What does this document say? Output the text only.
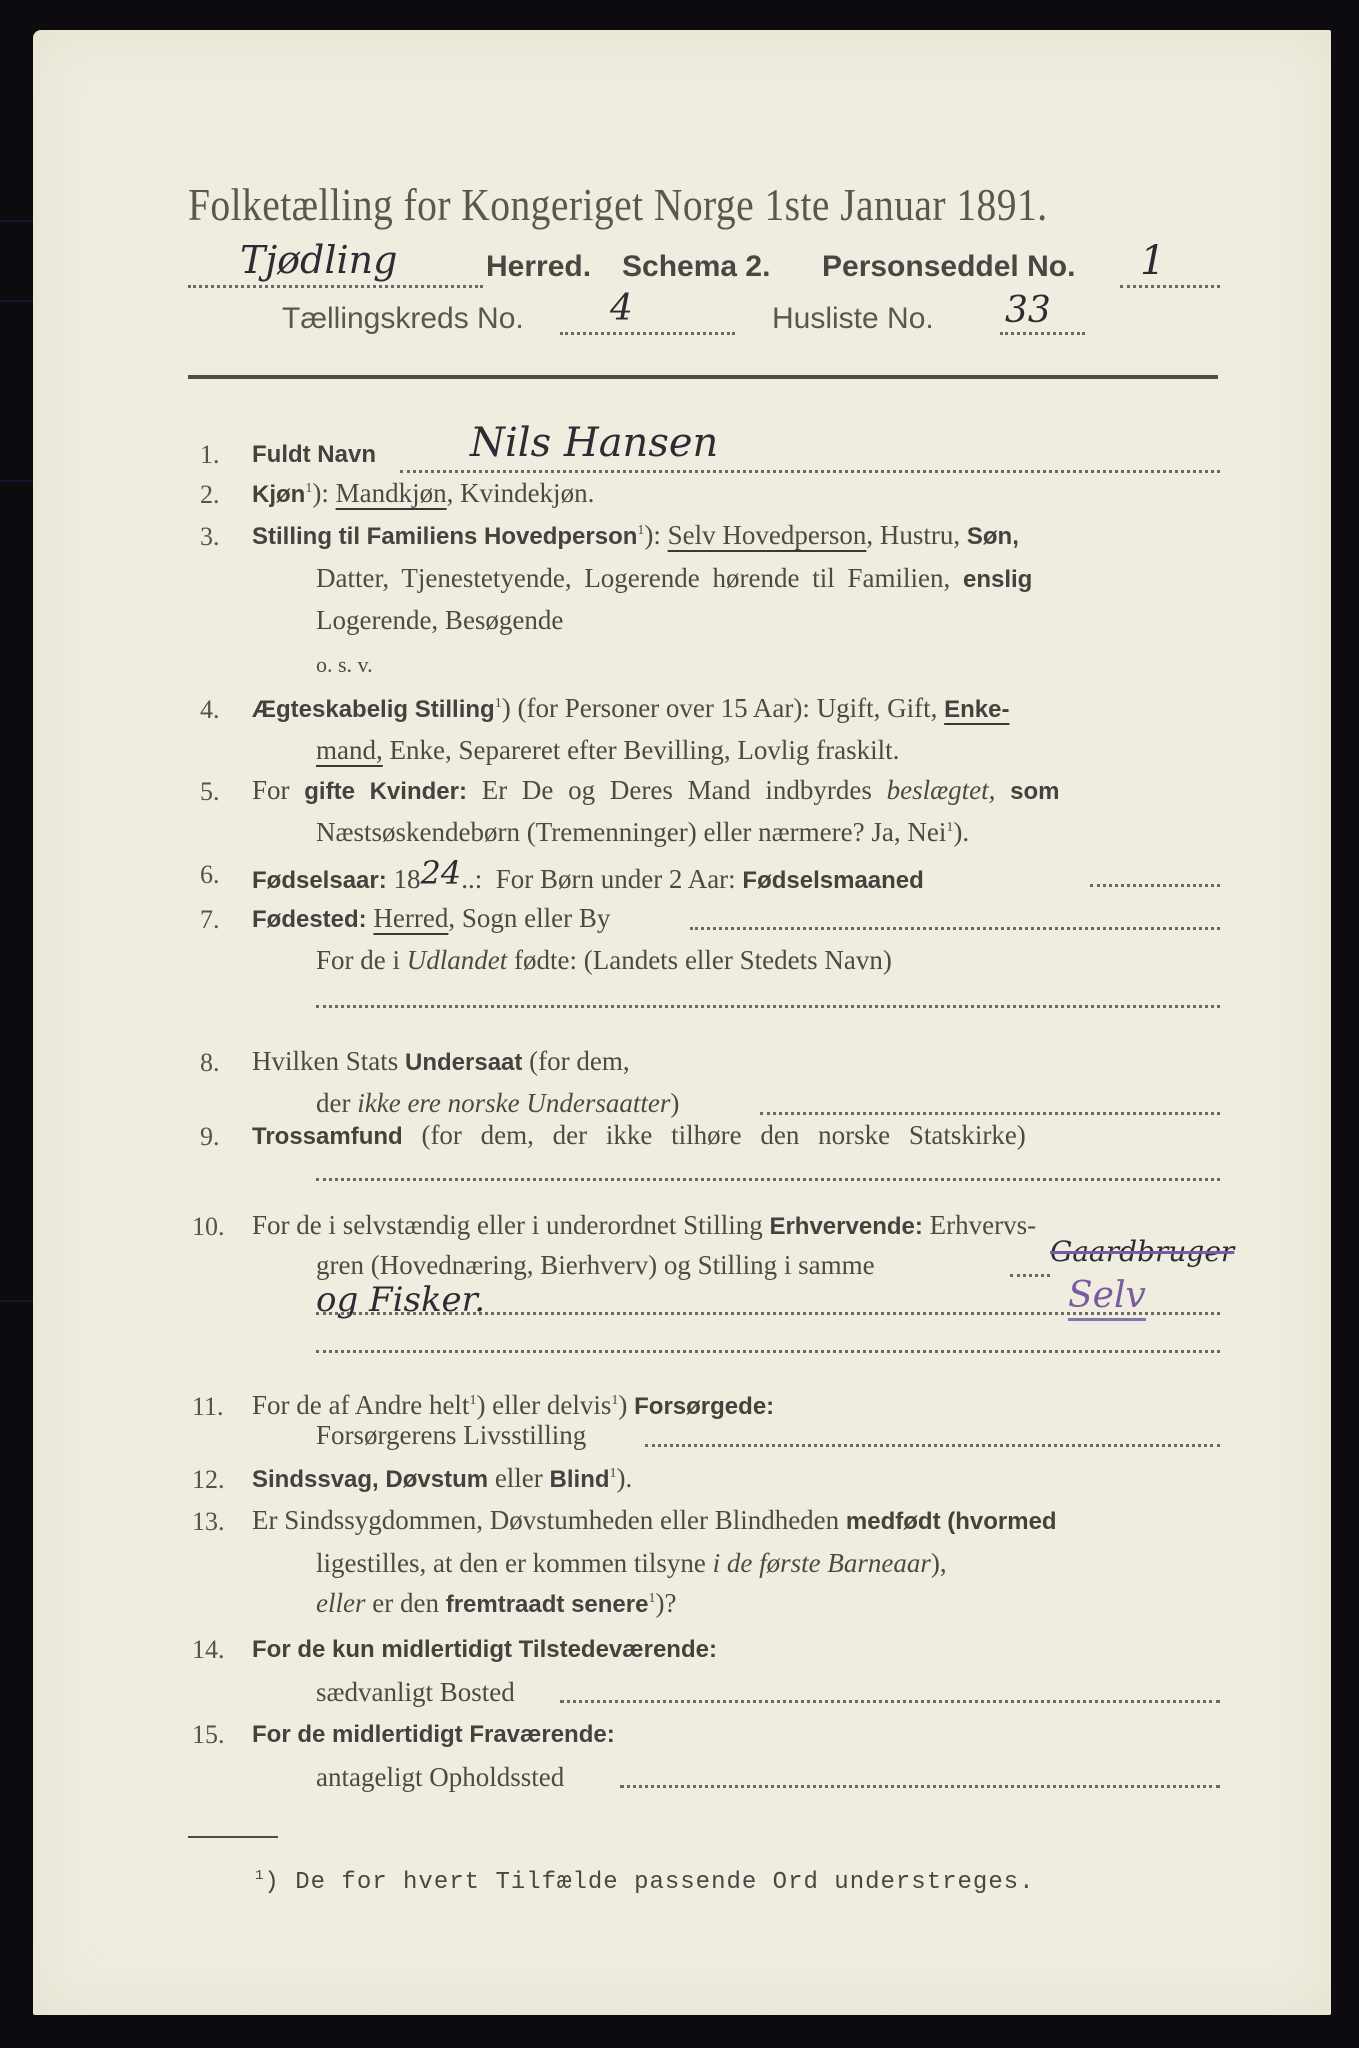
Folketælling for Kongeriget Norge 1ste Januar 1891.
Tjødling	Herred. Schema 2. Personseddel No. 1
Tællingskreds No. 4	Husliste No. 33
1. Fuldt Navn Nils Hansen
2. Kjøn$^1$): Mandkjøn, Kvindekjøn.
3. Stilling til Familiens Hovedperson$^1$): Selv Hovedperson, Hustru, Søn,
Datter, Tjenestetyende, Logerende hørende til Familien, enslig
Logerende, Besøgende
o. s. v.
4. Ægteskabelig Stilling$^1$) (for Personer over 15 Aar): Ugift, Gift, Enke-
mand, Enke, Separeret efter Bevilling, Lovlig fraskilt.
5. For gifte Kvinder: Er De og Deres Mand indbyrdes beslægtet, som
Næstsøskendebørn (Tremenninger) eller nærmere? Ja, Nei$^1$).
6. Fødselsaar: 1824..: For Børn under 2 Aar: Fødselsmaaned
7. Fødested: Herred, Sogn eller By
For de i Udlandet fødte: (Landets eller Stedets Navn)
8. Hvilken Stats Undersaat (for dem,
der ikke ere norske Undersaatter)
9. Trossamfund (for dem, der ikke tilhøre den norske Statskirke)
10. For de i selvstændig eller i underordnet Stilling Erhvervende: Erhvervs-
gren (Hovednæring, Bierhverv) og Stilling i samme	Gaardbruger
og Fisker.	Selv
11. For de af Andre helt$^1$) eller delvis$^1$) Forsørgede:
Forsørgerens Livsstilling
12. Sindssvag, Døvstum eller Blind$^1$).
13. Er Sindssygdommen, Døvstumheden eller Blindheden medfødt (hvormed
ligestilles, at den er kommen tilsyne i de første Barneaar),
eller er den fremtraadt senere$^1$)?
14. For de kun midlertidigt Tilstedeværende:
sædvanligt Bosted
15. For de midlertidigt Fraværende:
antageligt Opholdssted
$^1$) De for hvert Tilfælde passende Ord understreges.
